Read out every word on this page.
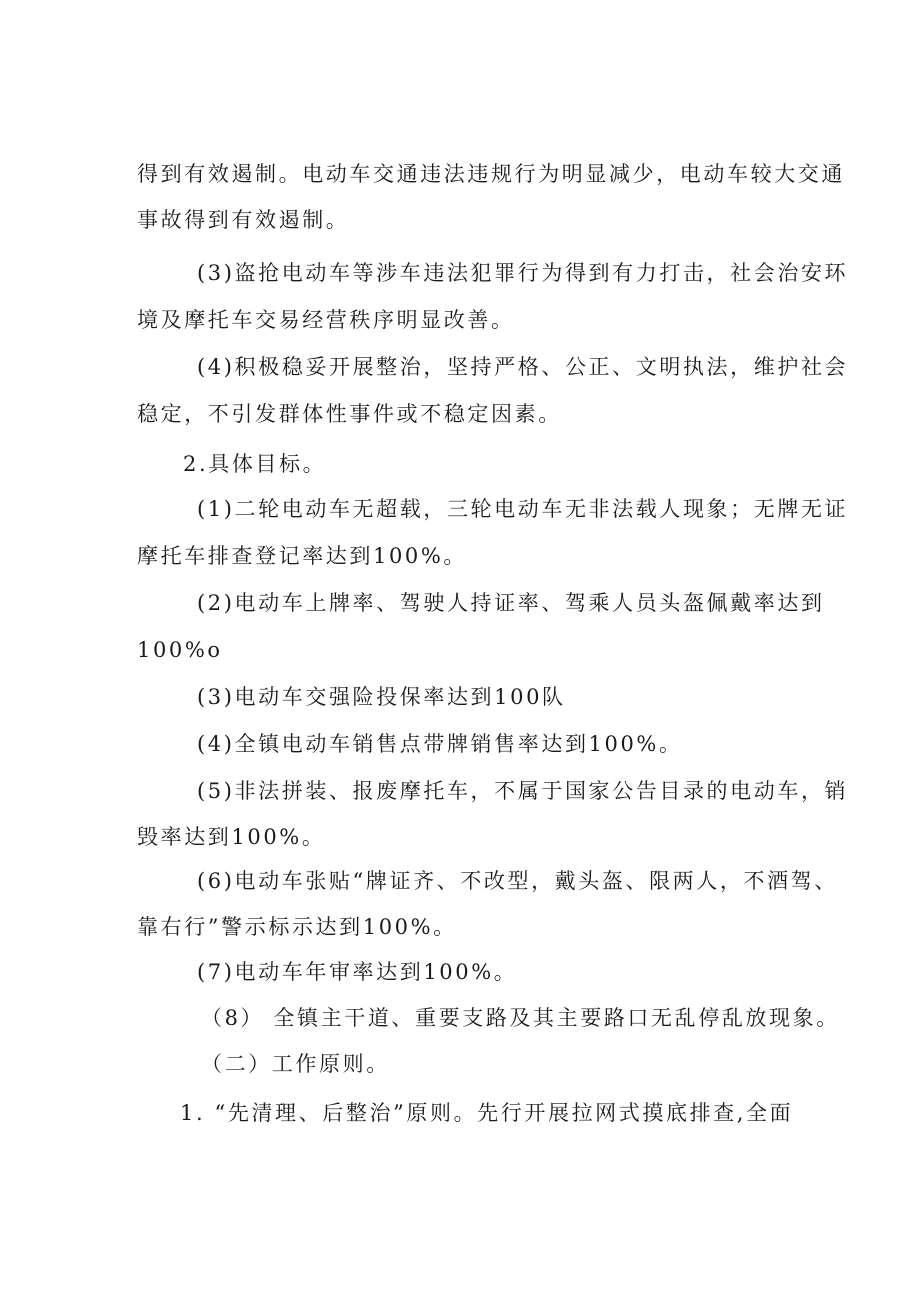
得到有效遏制。电动车交通违法违规行为明显减少，电动车较大交通
事故得到有效遏制。
(3)盗抢电动车等涉车违法犯罪行为得到有力打击，社会治安环
境及摩托车交易经营秩序明显改善。
(4)积极稳妥开展整治，坚持严格、公正、文明执法，维护社会
稳定，不引发群体性事件或不稳定因素。
2.具体目标。
(1)二轮电动车无超载，三轮电动车无非法载人现象；无牌无证
摩托车排查登记率达到100%。
(2)电动车上牌率、驾驶人持证率、驾乘人员头盔佩戴率达到
100%o
(3)电动车交强险投保率达到100队
(4)全镇电动车销售点带牌销售率达到100%。
(5)非法拼装、报废摩托车，不属于国家公告目录的电动车，销
毁率达到100%。
(6)电动车张贴“牌证齐、不改型，戴头盔、限两人，不酒驾、
靠右行”警示标示达到100%。
(7)电动车年审率达到100%。
（8） 全镇主干道、重要支路及其主要路口无乱停乱放现象。
（二）工作原则。
1. “先清理、后整治”原则。先行开展拉网式摸底排查,全面
